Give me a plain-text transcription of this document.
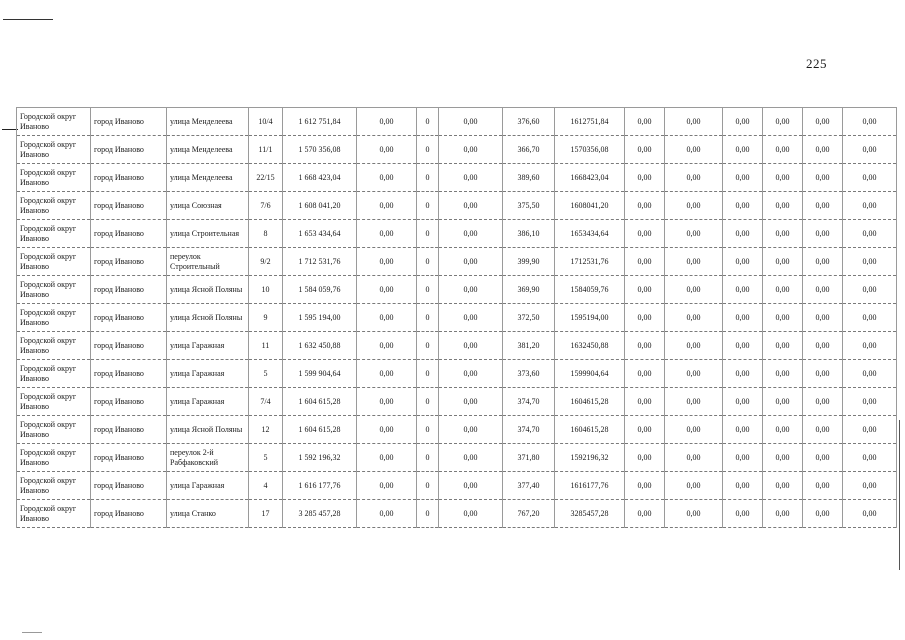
225
Городской округ Иваново	город Иваново	улица Менделеева	10/4	1 612 751,84	0,00	0	0,00	376,60	1612751,84	0,00	0,00	0,00	0,00	0,00	0,00
Городской округ Иваново	город Иваново	улица Менделеева	11/1	1 570 356,08	0,00	0	0,00	366,70	1570356,08	0,00	0,00	0,00	0,00	0,00	0,00
Городской округ Иваново	город Иваново	улица Менделеева	22/15	1 668 423,04	0,00	0	0,00	389,60	1668423,04	0,00	0,00	0,00	0,00	0,00	0,00
Городской округ Иваново	город Иваново	улица Союзная	7/6	1 608 041,20	0,00	0	0,00	375,50	1608041,20	0,00	0,00	0,00	0,00	0,00	0,00
Городской округ Иваново	город Иваново	улица Строительная	8	1 653 434,64	0,00	0	0,00	386,10	1653434,64	0,00	0,00	0,00	0,00	0,00	0,00
Городской округ Иваново	город Иваново	переулок Строительный	9/2	1 712 531,76	0,00	0	0,00	399,90	1712531,76	0,00	0,00	0,00	0,00	0,00	0,00
Городской округ Иваново	город Иваново	улица Ясной Поляны	10	1 584 059,76	0,00	0	0,00	369,90	1584059,76	0,00	0,00	0,00	0,00	0,00	0,00
Городской округ Иваново	город Иваново	улица Ясной Поляны	9	1 595 194,00	0,00	0	0,00	372,50	1595194,00	0,00	0,00	0,00	0,00	0,00	0,00
Городской округ Иваново	город Иваново	улица Гаражная	11	1 632 450,88	0,00	0	0,00	381,20	1632450,88	0,00	0,00	0,00	0,00	0,00	0,00
Городской округ Иваново	город Иваново	улица Гаражная	5	1 599 904,64	0,00	0	0,00	373,60	1599904,64	0,00	0,00	0,00	0,00	0,00	0,00
Городской округ Иваново	город Иваново	улица Гаражная	7/4	1 604 615,28	0,00	0	0,00	374,70	1604615,28	0,00	0,00	0,00	0,00	0,00	0,00
Городской округ Иваново	город Иваново	улица Ясной Поляны	12	1 604 615,28	0,00	0	0,00	374,70	1604615,28	0,00	0,00	0,00	0,00	0,00	0,00
Городской округ Иваново	город Иваново	переулок 2-й Рабфаковский	5	1 592 196,32	0,00	0	0,00	371,80	1592196,32	0,00	0,00	0,00	0,00	0,00	0,00
Городской округ Иваново	город Иваново	улица Гаражная	4	1 616 177,76	0,00	0	0,00	377,40	1616177,76	0,00	0,00	0,00	0,00	0,00	0,00
Городской округ Иваново	город Иваново	улица Станко	17	3 285 457,28	0,00	0	0,00	767,20	3285457,28	0,00	0,00	0,00	0,00	0,00	0,00
